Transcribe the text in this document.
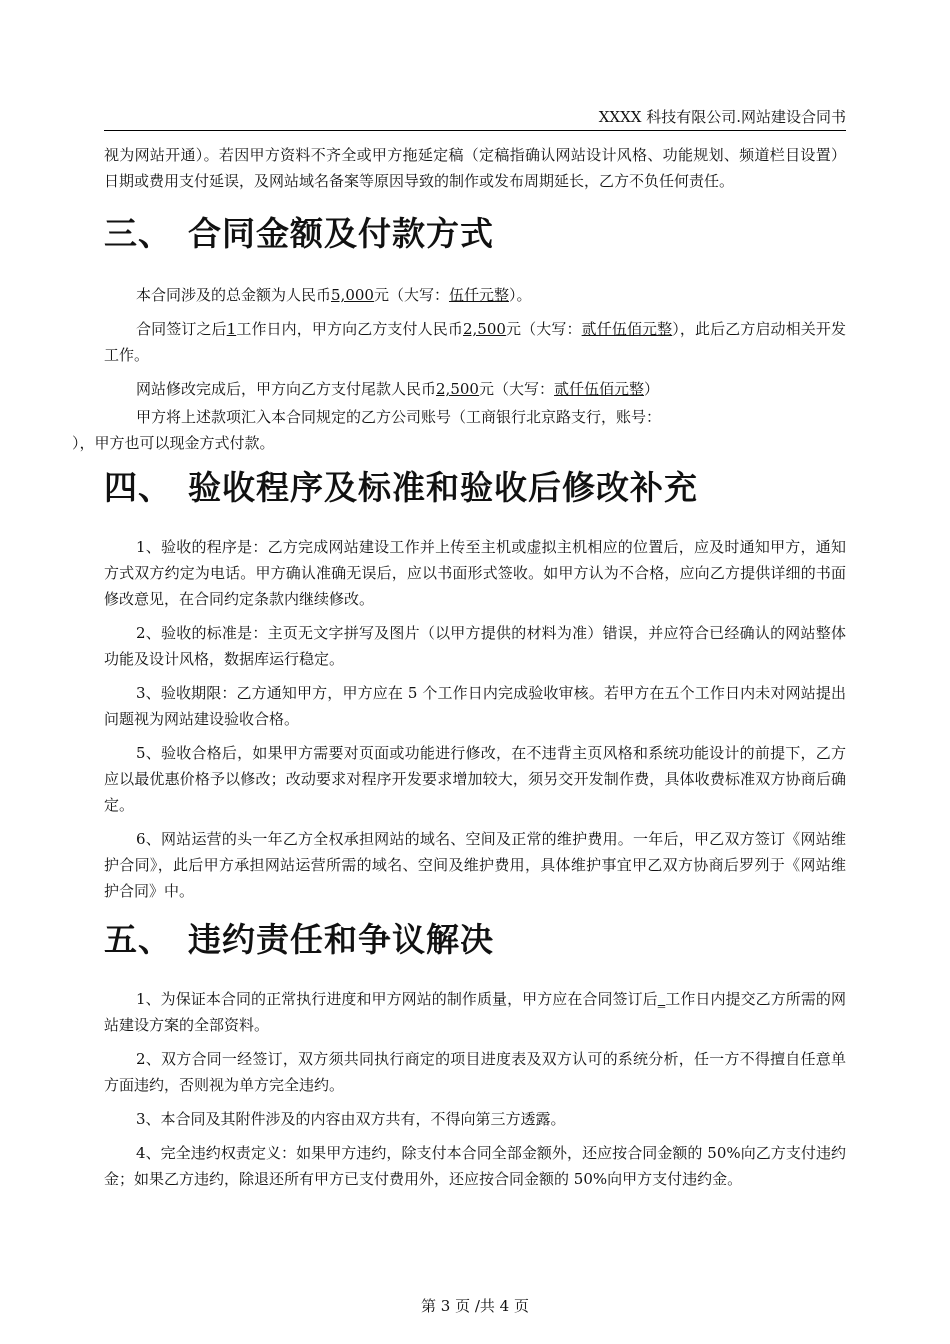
XXXX 科技有限公司.网站建设合同书

视为网站开通）。若因甲方资料不齐全或甲方拖延定稿（定稿指确认网站设计风格、功能规划、频道栏目设置）日期或费用支付延误，及网站域名备案等原因导致的制作或发布周期延长，乙方不负任何责任。

三、 合同金额及付款方式

本合同涉及的总金额为人民币5,000元（大写：伍仟元整）。

合同签订之后1工作日内，甲方向乙方支付人民币2,500元（大写：贰仟伍佰元整），此后乙方启动相关开发工作。

网站修改完成后，甲方向乙方支付尾款人民币2,500元（大写：贰仟伍佰元整）

甲方将上述款项汇入本合同规定的乙方公司账号（工商银行北京路支行，账号：
），甲方也可以现金方式付款。

四、 验收程序及标准和验收后修改补充

1、验收的程序是：乙方完成网站建设工作并上传至主机或虚拟主机相应的位置后，应及时通知甲方，通知方式双方约定为电话。甲方确认准确无误后，应以书面形式签收。如甲方认为不合格，应向乙方提供详细的书面修改意见，在合同约定条款内继续修改。

2、验收的标准是：主页无文字拼写及图片（以甲方提供的材料为准）错误，并应符合已经确认的网站整体功能及设计风格，数据库运行稳定。

3、验收期限：乙方通知甲方，甲方应在 5 个工作日内完成验收审核。若甲方在五个工作日内未对网站提出问题视为网站建设验收合格。

5、验收合格后，如果甲方需要对页面或功能进行修改，在不违背主页风格和系统功能设计的前提下，乙方应以最优惠价格予以修改；改动要求对程序开发要求增加较大，须另交开发制作费，具体收费标准双方协商后确定。

6、网站运营的头一年乙方全权承担网站的域名、空间及正常的维护费用。一年后，甲乙双方签订《网站维护合同》，此后甲方承担网站运营所需的域名、空间及维护费用，具体维护事宜甲乙双方协商后罗列于《网站维护合同》中。

五、 违约责任和争议解决

1、为保证本合同的正常执行进度和甲方网站的制作质量，甲方应在合同签订后_工作日内提交乙方所需的网站建设方案的全部资料。

2、双方合同一经签订，双方须共同执行商定的项目进度表及双方认可的系统分析，任一方不得擅自任意单方面违约，否则视为单方完全违约。

3、本合同及其附件涉及的内容由双方共有，不得向第三方透露。

4、完全违约权责定义：如果甲方违约，除支付本合同全部金额外，还应按合同金额的 50%向乙方支付违约金；如果乙方违约，除退还所有甲方已支付费用外，还应按合同金额的 50%向甲方支付违约金。

第 3 页 /共 4 页
